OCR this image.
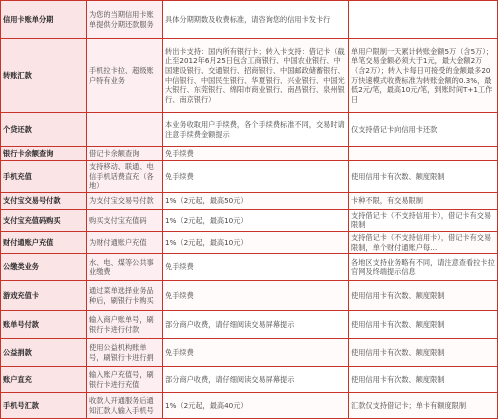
信用卡账单分期	为您的当期信用卡账单提供分期还款服务	具体分期期数及收费标准，请咨询您的信用卡发卡行	
转账汇款	手机拉卡拉、超级账户特有业务	转出卡支持：国内所有银行卡；转入卡支持：借记卡（截止至2012年6月25日包含工商银行、中国农业银行、中国建设银行、交通银行、招商银行、中国邮政储蓄银行、中信银行、中国民生银行、华夏银行、兴业银行、中国光大银行、东莞银行、绵阳市商业银行、南昌银行、泉州银行、南京银行）	单用户限制一天累计转账金额5万（含5万）；单笔交易金额必须大于1元，最大金额2万（含2万）；转入卡每日可接受的金额最多20万快速模式收费标准为转账金额的0.3%，最低2元/笔，最高10元/笔，到账时间T+1工作日
个贷还款		本业务收取用户手续费，各个手续费标准不同，交易时请注意手续费金额提示	仅支持借记卡向信用卡还款
银行卡余额查询	借记卡余额查询	免手续费	
手机充值	支持移动、联通、电信手机话费直充（各地）	免手续费	使用信用卡有次数、额度限制
支付宝交易号付款	为支付宝交易号付款	1%（2元起，最高50元）	卡种不限，有交易限制
支付宝充值码购买	购买支付宝充值码	1%（2元起，最高10元）	支持借记卡（不支持信用卡），借记卡有交易限制
财付通账户充值	为财付通账户充值	1%（2元起，最高10元）	支持借记卡（不支持信用卡），借记卡有交易限制，单个财付通账户每…
公缴类业务	水、电、煤等公共事业缴费	免手续费	各地区支持业务略有不同，请注意查看拉卡拉官网及终端提示信息
游戏充值卡	通过菜单选择业务品种后，刷银行卡购买	免手续费	使用信用卡有次数、额度限制
账单号付款	输入商户账单号，刷银行卡进行付款	部分商户收费，请仔细阅读交易屏幕提示	使用信用卡有次数、额度限制
公益捐款	使用公益机构账单号，刷银行卡进行捐	免手续费	使用信用卡有次数、额度限制
账户直充	输入账户充值号，刷银行卡进行充值	部分商户收费，请仔细阅读交易屏幕提示	使用信用卡有次数、额度限制
手机号汇款	收款人开通服务后通知汇款人输入手机号	1%（2元起，最高40元）	汇款仅支持借记卡；单卡有额度限制
